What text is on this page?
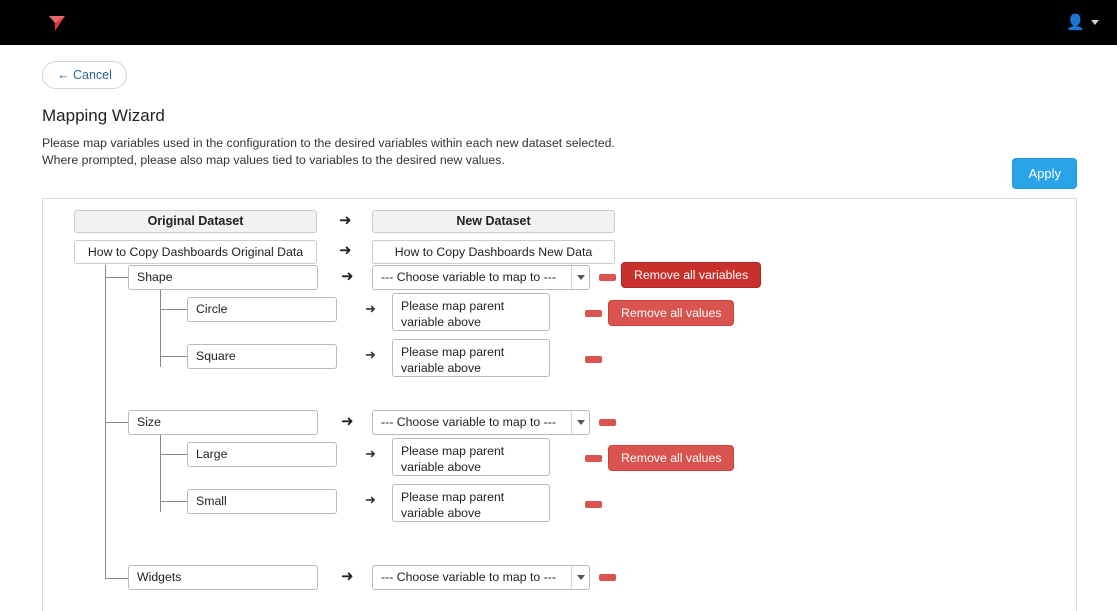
👤
← Cancel
Mapping Wizard
Please map variables used in the configuration to the desired variables within each new dataset selected.
Where prompted, please also map values tied to variables to the desired new values.
Apply
Original Dataset	➜	New Dataset
How to Copy Dashboards Original Data	➜	How to Copy Dashboards New Data
Shape	➜	--- Choose variable to map to ---	Remove all variables
Circle	➜	Please map parent variable above
Remove all values
Square	➜	Please map parent variable above
Size	➜	--- Choose variable to map to ---
Large	➜	Please map parent variable above
Remove all values
Small	➜	Please map parent variable above
Widgets	➜	--- Choose variable to map to ---
